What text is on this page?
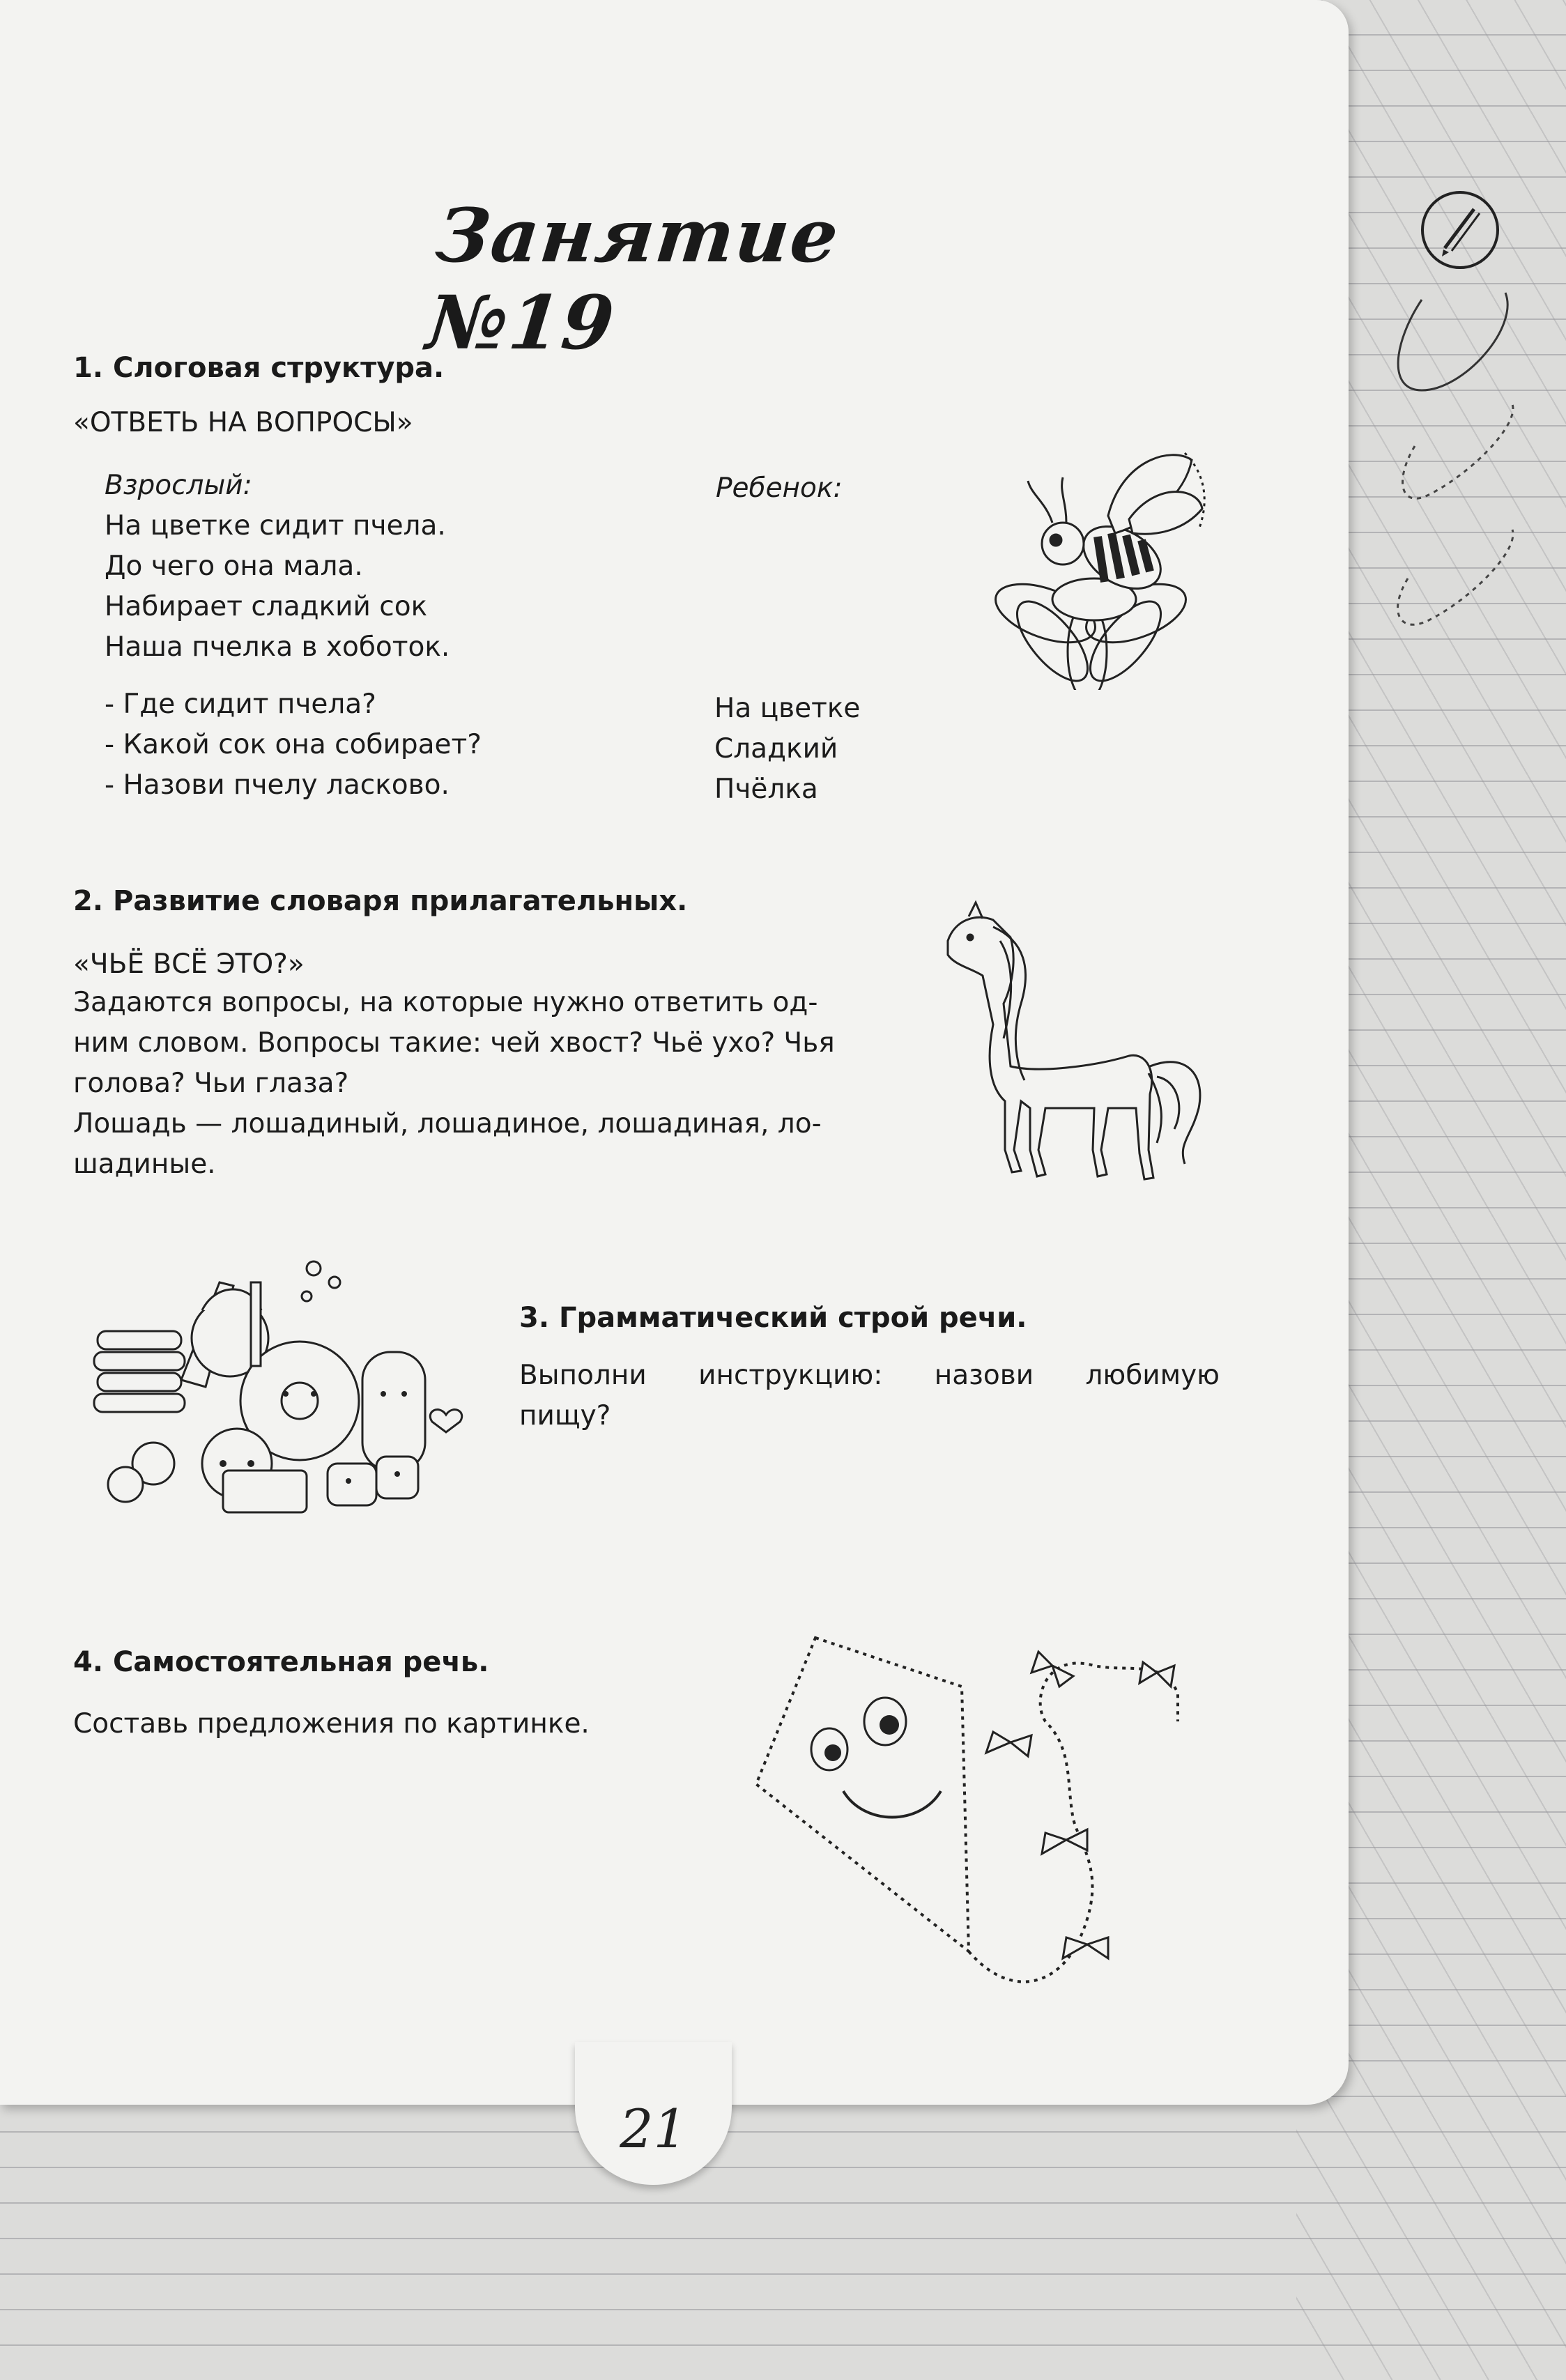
21
Занятие №19
1. Слоговая структура.
«ОТВЕТЬ НА ВОПРОСЫ»
Взрослый:	Ребенок:
На цветке сидит пчела.
До чего она мала.
Набирает сладкий сок
Наша пчелка в хоботок.
- Где сидит пчела?
- Какой сок она собирает?
- Назови пчелу ласково.
На цветке
Сладкий
Пчёлка
2. Развитие словаря прилагательных.
«ЧЬЁ ВСЁ ЭТО?»
Задаются вопросы, на которые нужно ответить од-
ним словом. Вопросы такие: чей хвост? Чьё ухо? Чья
голова? Чьи глаза?
Лошадь — лошадиный, лошадиное, лошадиная, ло-
шадиные.
3. Грамматический строй речи.
Выполни инструкцию: назови любимую
пищу?
4. Самостоятельная речь.
Составь предложения по картинке.
